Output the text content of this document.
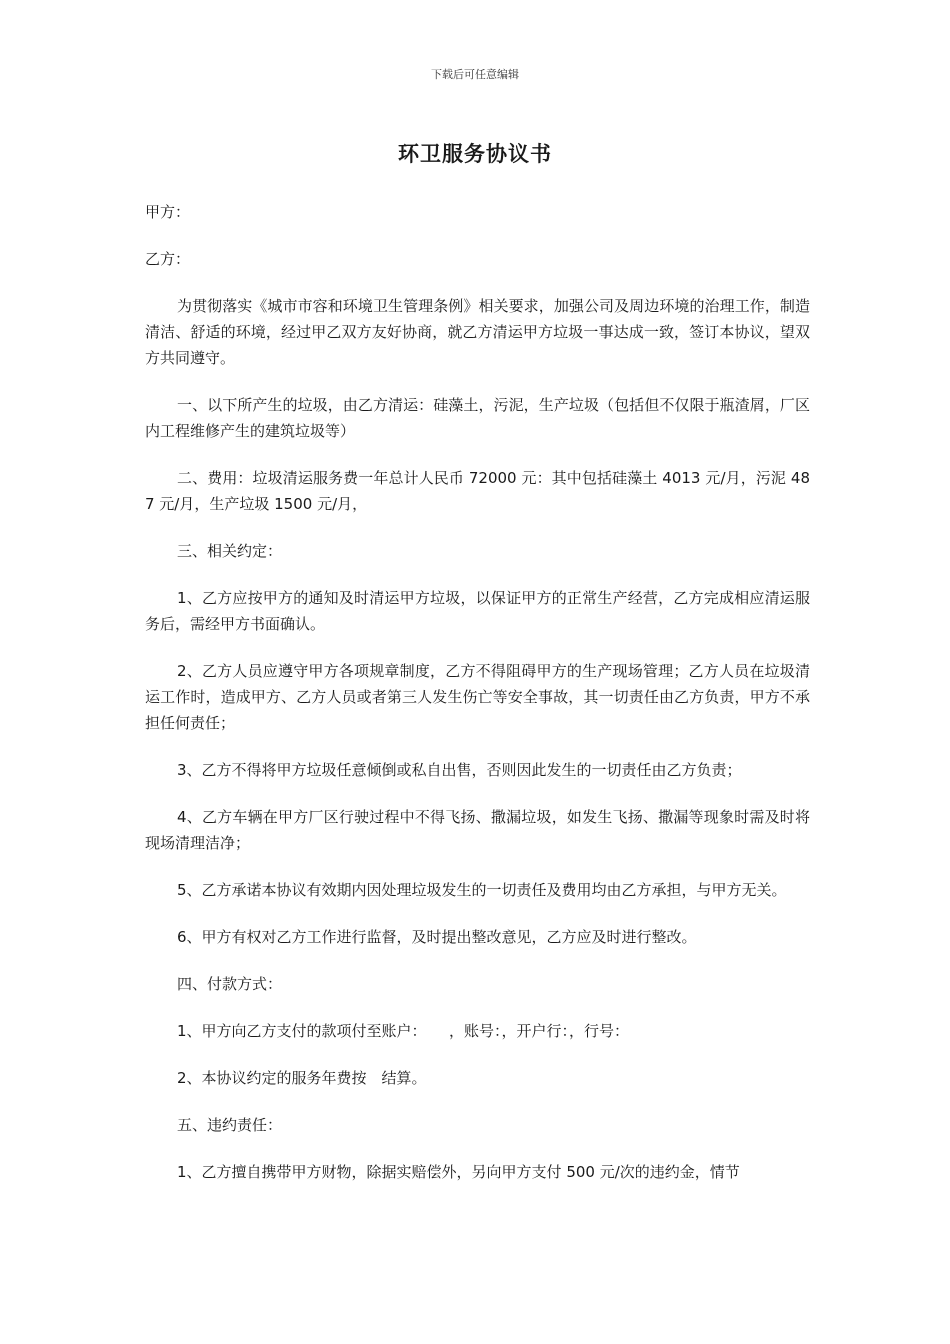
下载后可任意编辑
环卫服务协议书

甲方：

乙方：

为贯彻落实《城市市容和环境卫生管理条例》相关要求，加强公司及周边环境的治理工作，制造清洁、舒适的环境，经过甲乙双方友好协商，就乙方清运甲方垃圾一事达成一致，签订本协议，望双方共同遵守。

一、以下所产生的垃圾，由乙方清运：硅藻土，污泥，生产垃圾（包括但不仅限于瓶渣屑，厂区内工程维修产生的建筑垃圾等）

二、费用：垃圾清运服务费一年总计人民币 72000 元：其中包括硅藻土 4013 元/月，污泥 487 元/月，生产垃圾 1500 元/月，

三、相关约定：

1、乙方应按甲方的通知及时清运甲方垃圾，以保证甲方的正常生产经营，乙方完成相应清运服务后，需经甲方书面确认。

2、乙方人员应遵守甲方各项规章制度，乙方不得阻碍甲方的生产现场管理；乙方人员在垃圾清运工作时，造成甲方、乙方人员或者第三人发生伤亡等安全事故，其一切责任由乙方负责，甲方不承担任何责任；

3、乙方不得将甲方垃圾任意倾倒或私自出售，否则因此发生的一切责任由乙方负责；

4、乙方车辆在甲方厂区行驶过程中不得飞扬、撒漏垃圾，如发生飞扬、撒漏等现象时需及时将现场清理洁净；

5、乙方承诺本协议有效期内因处理垃圾发生的一切责任及费用均由乙方承担，与甲方无关。

6、甲方有权对乙方工作进行监督，及时提出整改意见，乙方应及时进行整改。

四、付款方式：

1、甲方向乙方支付的款项付至账户：　　，账号：，开户行：，行号：

2、本协议约定的服务年费按　结算。

五、违约责任：

1、乙方擅自携带甲方财物，除据实赔偿外，另向甲方支付 500 元/次的违约金，情节
